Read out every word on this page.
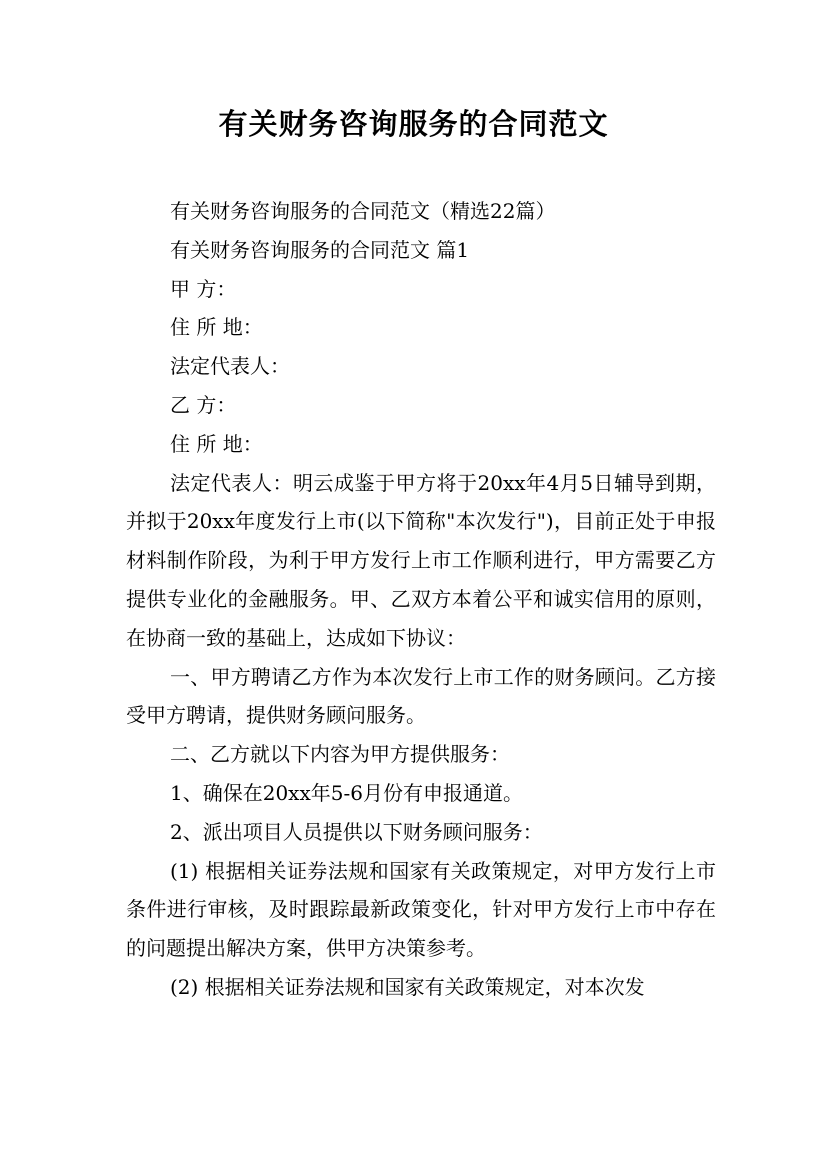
有关财务咨询服务的合同范文

有关财务咨询服务的合同范文（精选22篇）

有关财务咨询服务的合同范文 篇1

甲 方：

住 所 地：

法定代表人：

乙 方：

住 所 地：

法定代表人：明云成鉴于甲方将于20xx年4月5日辅导到期，并拟于20xx年度发行上市(以下简称"本次发行")，目前正处于申报材料制作阶段，为利于甲方发行上市工作顺利进行，甲方需要乙方提供专业化的金融服务。甲、乙双方本着公平和诚实信用的原则，在协商一致的基础上，达成如下协议：

一、甲方聘请乙方作为本次发行上市工作的财务顾问。乙方接受甲方聘请，提供财务顾问服务。

二、乙方就以下内容为甲方提供服务：

1、确保在20xx年5-6月份有申报通道。

2、派出项目人员提供以下财务顾问服务：

(1) 根据相关证券法规和国家有关政策规定，对甲方发行上市条件进行审核，及时跟踪最新政策变化，针对甲方发行上市中存在的问题提出解决方案，供甲方决策参考。

(2) 根据相关证券法规和国家有关政策规定，对本次发
